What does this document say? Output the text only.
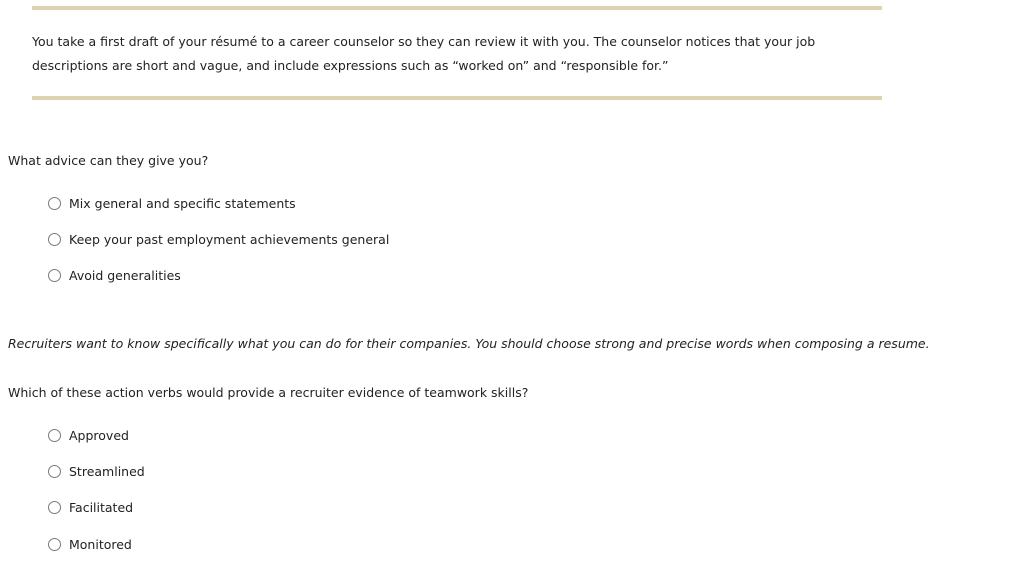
You take a first draft of your résumé to a career counselor so they can review it with you. The counselor notices that your job descriptions are short and vague, and include expressions such as “worked on” and “responsible for.”
What advice can they give you?
Mix general and specific statements
Keep your past employment achievements general
Avoid generalities
Recruiters want to know specifically what you can do for their companies. You should choose strong and precise words when composing a resume.
Which of these action verbs would provide a recruiter evidence of teamwork skills?
Approved
Streamlined
Facilitated
Monitored
